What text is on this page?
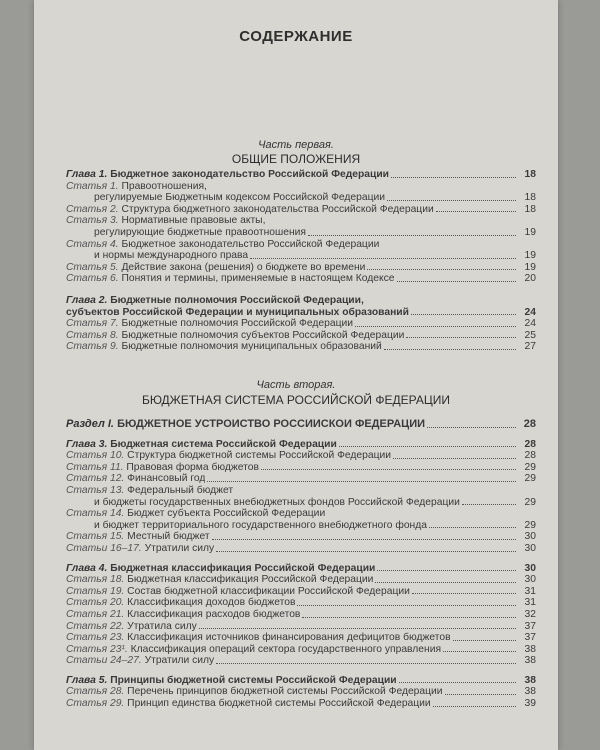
СОДЕРЖАНИЕ
Часть первая.
ОБЩИЕ ПОЛОЖЕНИЯ
Глава 1. Бюджетное законодательство Российской Федерации	18
Статья 1. Правоотношения,
регулируемые Бюджетным кодексом Российской Федерации	18
Статья 2. Структура бюджетного законодательства Российской Федерации	18
Статья 3. Нормативные правовые акты,
регулирующие бюджетные правоотношения	19
Статья 4. Бюджетное законодательство Российской Федерации
и нормы международного права	19
Статья 5. Действие закона (решения) о бюджете во времени	19
Статья 6. Понятия и термины, применяемые в настоящем Кодексе	20
Глава 2. Бюджетные полномочия Российской Федерации,
субъектов Российской Федерации и муниципальных образований	24
Статья 7. Бюджетные полномочия Российской Федерации	24
Статья 8. Бюджетные полномочия субъектов Российской Федерации	25
Статья 9. Бюджетные полномочия муниципальных образований	27
Часть вторая.
БЮДЖЕТНАЯ СИСТЕМА РОССИЙСКОЙ ФЕДЕРАЦИИ
Раздел I. БЮДЖЕТНОЕ УСТРОЙСТВО РОССИЙСКОЙ ФЕДЕРАЦИИ	28
Глава 3. Бюджетная система Российской Федерации	28
Статья 10. Структура бюджетной системы Российской Федерации	28
Статья 11. Правовая форма бюджетов	29
Статья 12. Финансовый год	29
Статья 13. Федеральный бюджет
и бюджеты государственных внебюджетных фондов Российской Федерации	29
Статья 14. Бюджет субъекта Российской Федерации
и бюджет территориального государственного внебюджетного фонда	29
Статья 15. Местный бюджет	30
Статьи 16–17. Утратили силу	30
Глава 4. Бюджетная классификация Российской Федерации	30
Статья 18. Бюджетная классификация Российской Федерации	30
Статья 19. Состав бюджетной классификации Российской Федерации	31
Статья 20. Классификация доходов бюджетов	31
Статья 21. Классификация расходов бюджетов	32
Статья 22. Утратила силу	37
Статья 23. Классификация источников финансирования дефицитов бюджетов	37
Статья 23¹. Классификация операций сектора государственного управления	38
Статьи 24–27. Утратили силу	38
Глава 5. Принципы бюджетной системы Российской Федерации	38
Статья 28. Перечень принципов бюджетной системы Российской Федерации	38
Статья 29. Принцип единства бюджетной системы Российской Федерации	39
